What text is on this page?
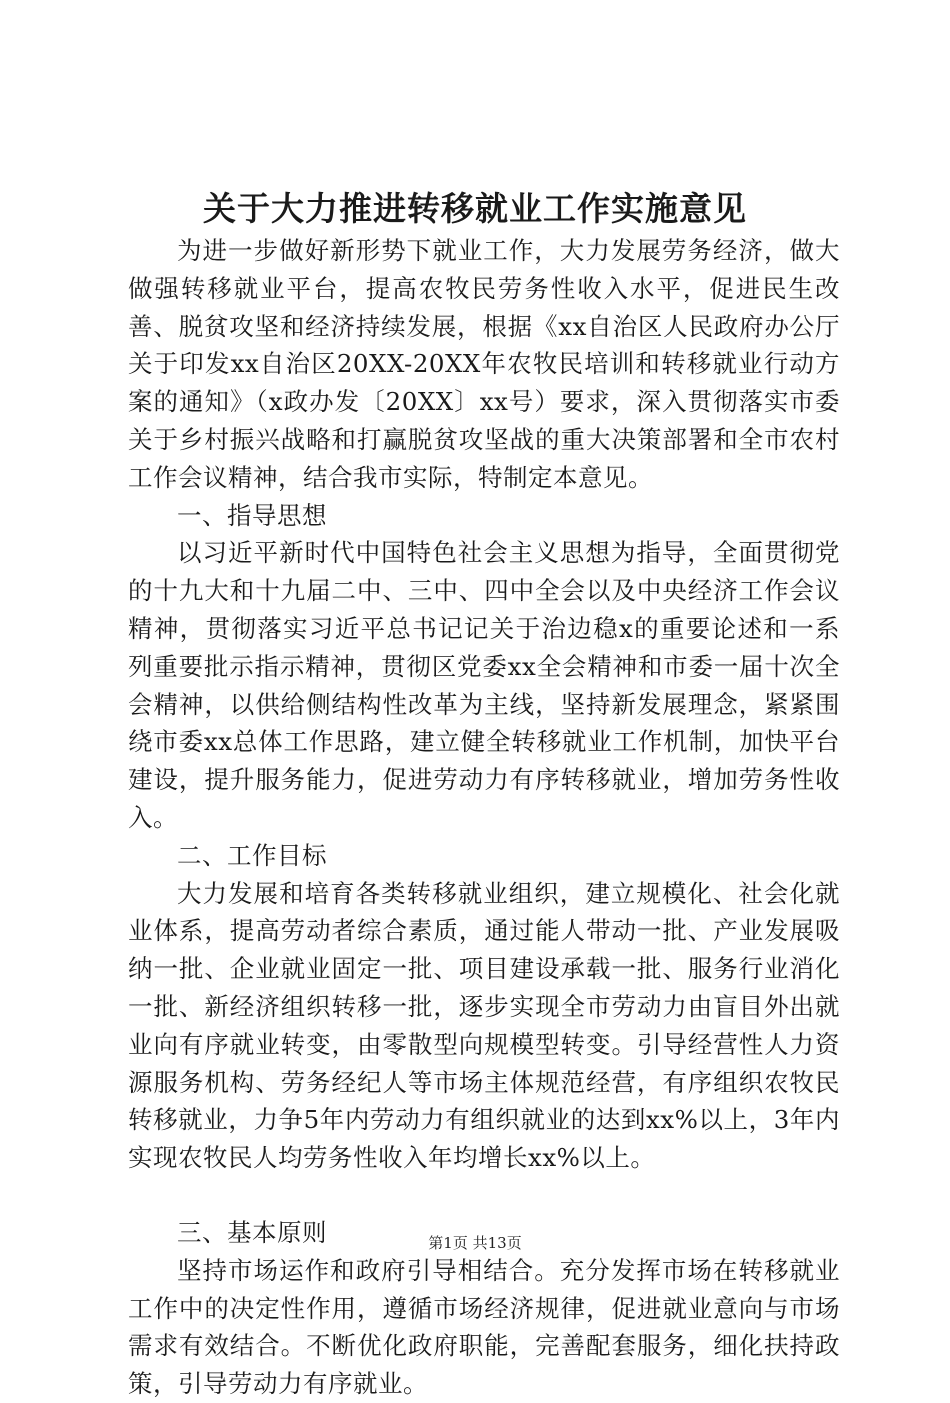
关于大力推进转移就业工作实施意见

为进一步做好新形势下就业工作，大力发展劳务经济，做大做强转移就业平台，提高农牧民劳务性收入水平，促进民生改善、脱贫攻坚和经济持续发展，根据《xx自治区人民政府办公厅关于印发xx自治区20XX-20XX年农牧民培训和转移就业行动方案的通知》（x政办发〔20XX〕xx号）要求，深入贯彻落实市委关于乡村振兴战略和打赢脱贫攻坚战的重大决策部署和全市农村工作会议精神，结合我市实际，特制定本意见。

一、指导思想

以习近平新时代中国特色社会主义思想为指导，全面贯彻党的十九大和十九届二中、三中、四中全会以及中央经济工作会议精神，贯彻落实习近平总书记记关于治边稳x的重要论述和一系列重要批示指示精神，贯彻区党委xx全会精神和市委一届十次全会精神，以供给侧结构性改革为主线，坚持新发展理念，紧紧围绕市委xx总体工作思路，建立健全转移就业工作机制，加快平台建设，提升服务能力，促进劳动力有序转移就业，增加劳务性收入。

二、工作目标

大力发展和培育各类转移就业组织，建立规模化、社会化就业体系，提高劳动者综合素质，通过能人带动一批、产业发展吸纳一批、企业就业固定一批、项目建设承载一批、服务行业消化一批、新经济组织转移一批，逐步实现全市劳动力由盲目外出就业向有序就业转变，由零散型向规模型转变。引导经营性人力资源服务机构、劳务经纪人等市场主体规范经营，有序组织农牧民转移就业，力争5年内劳动力有组织就业的达到xx%以上，3年内实现农牧民人均劳务性收入年均增长xx%以上。

三、基本原则

坚持市场运作和政府引导相结合。充分发挥市场在转移就业工作中的决定性作用，遵循市场经济规律，促进就业意向与市场需求有效结合。不断优化政府职能，完善配套服务，细化扶持政策，引导劳动力有序就业。

第1页 共13页
